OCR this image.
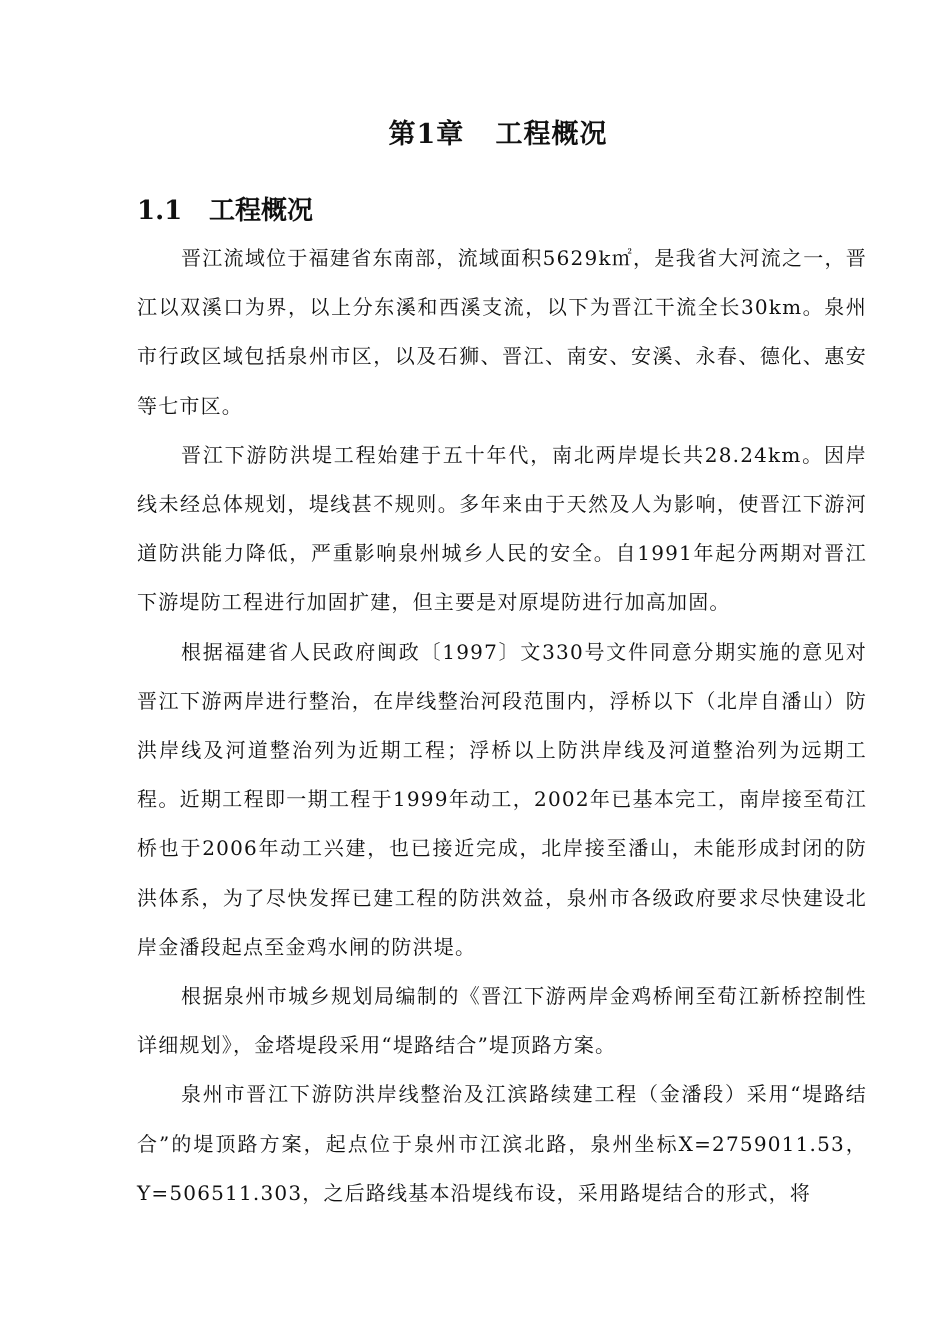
第1章   工程概况
1.1 工程概况

晋江流域位于福建省东南部，流域面积5629k㎡，是我省大河流之一，晋江以双溪口为界，以上分东溪和西溪支流，以下为晋江干流全长30km。泉州市行政区域包括泉州市区，以及石狮、晋江、南安、安溪、永春、德化、惠安等七市区。

晋江下游防洪堤工程始建于五十年代，南北两岸堤长共28.24km。因岸线未经总体规划，堤线甚不规则。多年来由于天然及人为影响，使晋江下游河道防洪能力降低，严重影响泉州城乡人民的安全。自1991年起分两期对晋江下游堤防工程进行加固扩建，但主要是对原堤防进行加高加固。

根据福建省人民政府闽政〔1997〕文330号文件同意分期实施的意见对晋江下游两岸进行整治，在岸线整治河段范围内，浮桥以下（北岸自潘山）防洪岸线及河道整治列为近期工程；浮桥以上防洪岸线及河道整治列为远期工程。近期工程即一期工程于1999年动工，2002年已基本完工，南岸接至荀江桥也于2006年动工兴建，也已接近完成，北岸接至潘山，未能形成封闭的防洪体系，为了尽快发挥已建工程的防洪效益，泉州市各级政府要求尽快建设北岸金潘段起点至金鸡水闸的防洪堤。

根据泉州市城乡规划局编制的《晋江下游两岸金鸡桥闸至荀江新桥控制性详细规划》，金塔堤段采用“堤路结合”堤顶路方案。

泉州市晋江下游防洪岸线整治及江滨路续建工程（金潘段）采用“堤路结合”的堤顶路方案，起点位于泉州市江滨北路，泉州坐标X=2759011.53，Y=506511.303，之后路线基本沿堤线布设，采用路堤结合的形式，将
